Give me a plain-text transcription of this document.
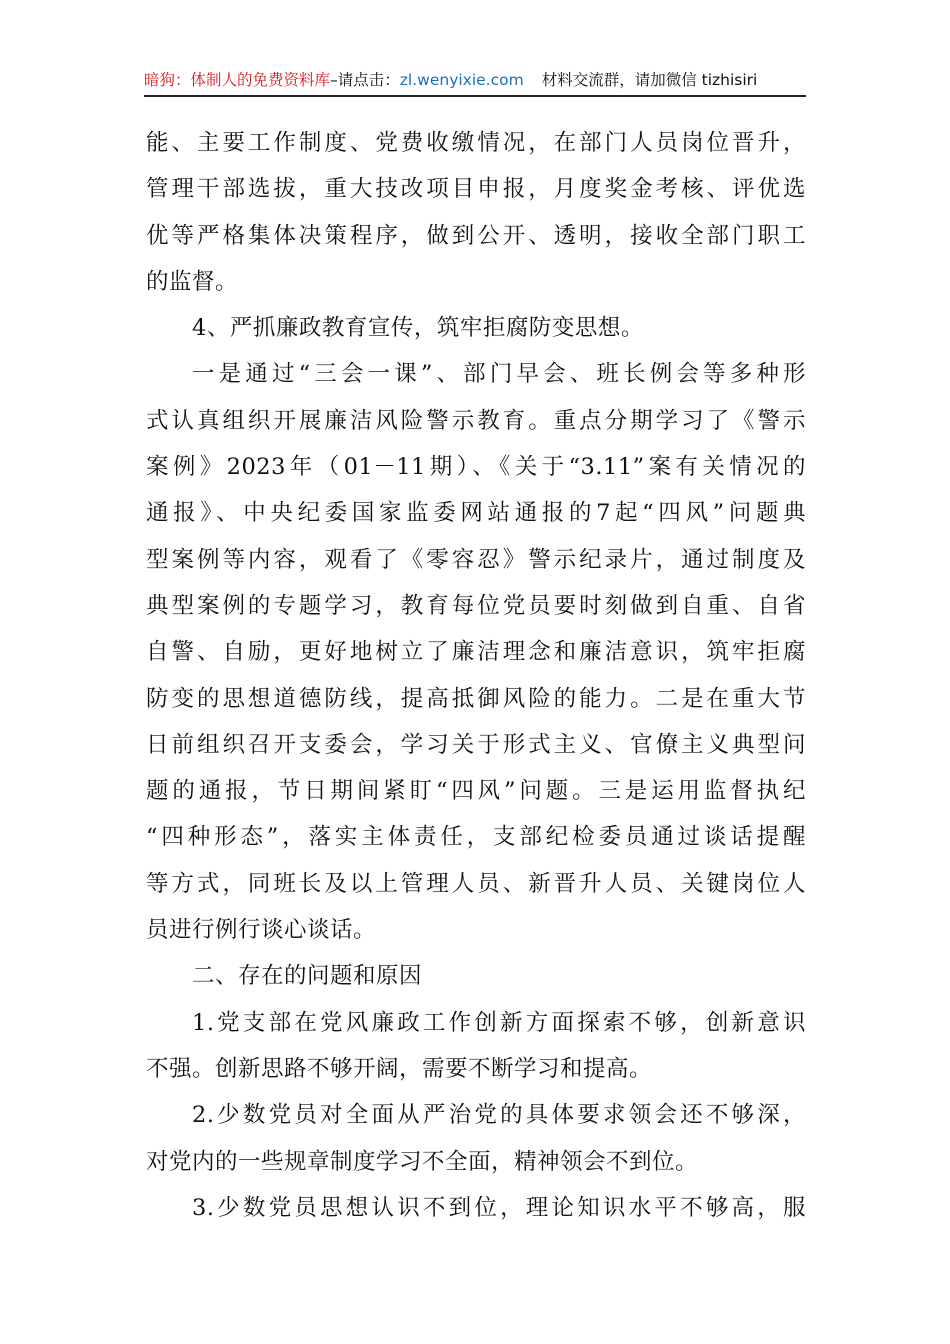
暗狗：体制人的免费资料库–请点击：zl.wenyixie.com 材料交流群，请加微信 tizhisiri
能、主要工作制度、党费收缴情况，在部门人员岗位晋升，
管理干部选拔，重大技改项目申报，月度奖金考核、评优选
优等严格集体决策程序，做到公开、透明，接收全部门职工
的监督。
4、严抓廉政教育宣传，筑牢拒腐防变思想。
一是通过“三会一课”、部门早会、班长例会等多种形
式认真组织开展廉洁风险警示教育。重点分期学习了《警示
案例》2023年（01－11期）、《关于“3.11”案有关情况的
通报》、中央纪委国家监委网站通报的7起“四风”问题典
型案例等内容，观看了《零容忍》警示纪录片，通过制度及
典型案例的专题学习，教育每位党员要时刻做到自重、自省
自警、自励，更好地树立了廉洁理念和廉洁意识，筑牢拒腐
防变的思想道德防线，提高抵御风险的能力。二是在重大节
日前组织召开支委会，学习关于形式主义、官僚主义典型问
题的通报，节日期间紧盯“四风”问题。三是运用监督执纪
“四种形态”，落实主体责任，支部纪检委员通过谈话提醒
等方式，同班长及以上管理人员、新晋升人员、关键岗位人
员进行例行谈心谈话。
二、存在的问题和原因
1.党支部在党风廉政工作创新方面探索不够，创新意识
不强。创新思路不够开阔，需要不断学习和提高。
2.少数党员对全面从严治党的具体要求领会还不够深，
对党内的一些规章制度学习不全面，精神领会不到位。
3.少数党员思想认识不到位，理论知识水平不够高，服
